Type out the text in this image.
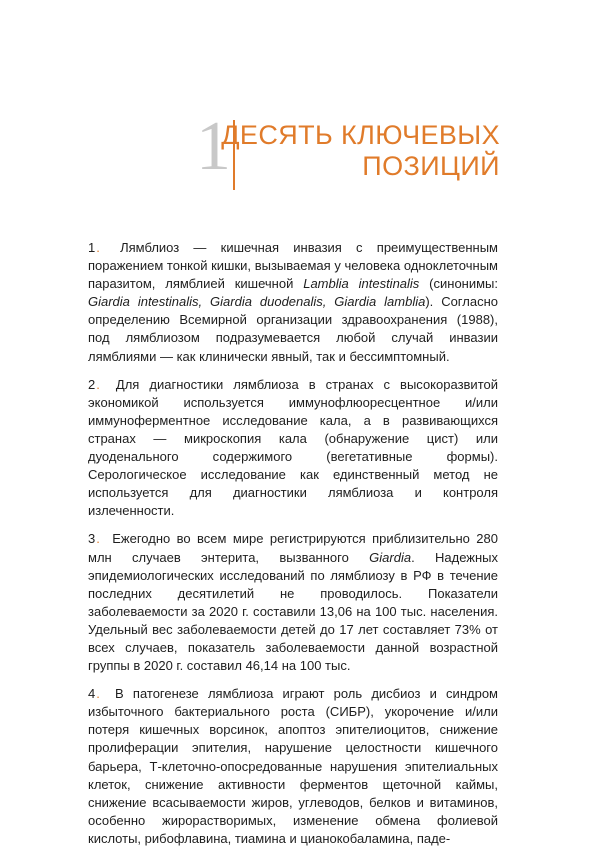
1
ДЕСЯТЬ КЛЮЧЕВЫХ
ПОЗИЦИЙ

1 . Лямблиоз — кишечная инвазия с преимущественным поражением тонкой кишки, вызываемая у человека одноклеточным паразитом, лямблией кишечной Lamblia intestinalis (синонимы: Giardia intestinalis, Giardia duodenalis, Giardia lamblia). Согласно определению Всемирной организации здравоохранения (1988), под лямблиозом подразумевается любой случай инвазии лямблиями — как клинически явный, так и бессимптомный.

2 . Для диагностики лямблиоза в странах с высокоразвитой экономикой используется иммунофлюоресцентное и/или иммуноферментное исследование кала, а в развивающихся странах — микроскопия кала (обнаружение цист) или дуоденального содержимого (вегетативные формы). Серологическое исследование как единственный метод не используется для диагностики лямблиоза и контроля излеченности.

3 . Ежегодно во всем мире регистрируются приблизительно 280 млн случаев энтерита, вызванного Giardia. Надежных эпидемиологических исследований по лямблиозу в РФ в течение последних десятилетий не проводилось. Показатели заболеваемости за 2020 г. составили 13,06 на 100 тыс. населения. Удельный вес заболеваемости детей до 17 лет составляет 73% от всех случаев, показатель заболеваемости данной возрастной группы в 2020 г. составил 46,14 на 100 тыс.

4 . В патогенезе лямблиоза играют роль дисбиоз и синдром избыточного бактериального роста (СИБР), укорочение и/или потеря кишечных ворсинок, апоптоз эпителиоцитов, снижение пролиферации эпителия, нарушение целостности кишечного барьера, Т-клеточно-опосредованные нарушения эпителиальных клеток, снижение активности ферментов щеточной каймы, снижение всасываемости жиров, углеводов, белков и витаминов, особенно жирорастворимых, изменение обмена фолиевой кислоты, рибофлавина, тиамина и цианокобаламина, паде-
